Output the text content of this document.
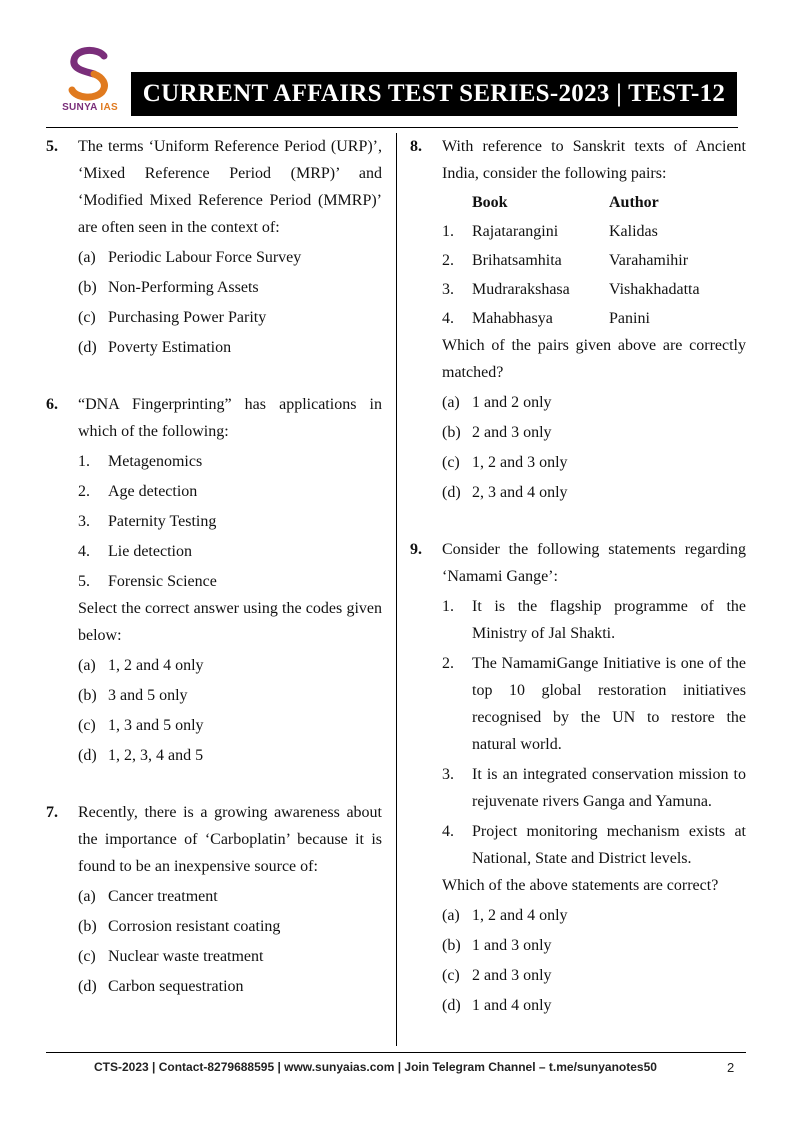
SUNYA IAS
CURRENT AFFAIRS TEST SERIES-2023 | TEST-12
5.	The terms ‘Uniform Reference Period (URP)’, ‘Mixed Reference Period (MRP)’ and ‘Modified Mixed Reference Period (MMRP)’ are often seen in the context of:
(a) Periodic Labour Force Survey
(b) Non-Performing Assets
(c) Purchasing Power Parity
(d) Poverty Estimation
6.	“DNA Fingerprinting” has applications in which of the following:
1. Metagenomics
2. Age detection
3. Paternity Testing
4. Lie detection
5. Forensic Science
Select the correct answer using the codes given below:
(a) 1, 2 and 4 only
(b) 3 and 5 only
(c) 1, 3 and 5 only
(d) 1, 2, 3, 4 and 5
7.	Recently, there is a growing awareness about the importance of ‘Carboplatin’ because it is found to be an inexpensive source of:
(a) Cancer treatment
(b) Corrosion resistant coating
(c) Nuclear waste treatment
(d) Carbon sequestration
8.	With reference to Sanskrit texts of Ancient India, consider the following pairs:
Book	Author
1.	Rajatarangini	Kalidas
2.	Brihatsamhita	Varahamihir
3.	Mudrarakshasa	Vishakhadatta
4.	Mahabhasya	Panini
Which of the pairs given above are correctly matched?
(a) 1 and 2 only
(b) 2 and 3 only
(c) 1, 2 and 3 only
(d) 2, 3 and 4 only
9.	Consider the following statements regarding ‘Namami Gange’:
1. It is the flagship programme of the Ministry of Jal Shakti.
2. The NamamiGange Initiative is one of the top 10 global restoration initiatives recognised by the UN to restore the natural world.
3. It is an integrated conservation mission to rejuvenate rivers Ganga and Yamuna.
4. Project monitoring mechanism exists at National, State and District levels.
Which of the above statements are correct?
(a) 1, 2 and 4 only
(b) 1 and 3 only
(c) 2 and 3 only
(d) 1 and 4 only
CTS-2023 | Contact-8279688595 | www.sunyaias.com | Join Telegram Channel – t.me/sunyanotes50	2
